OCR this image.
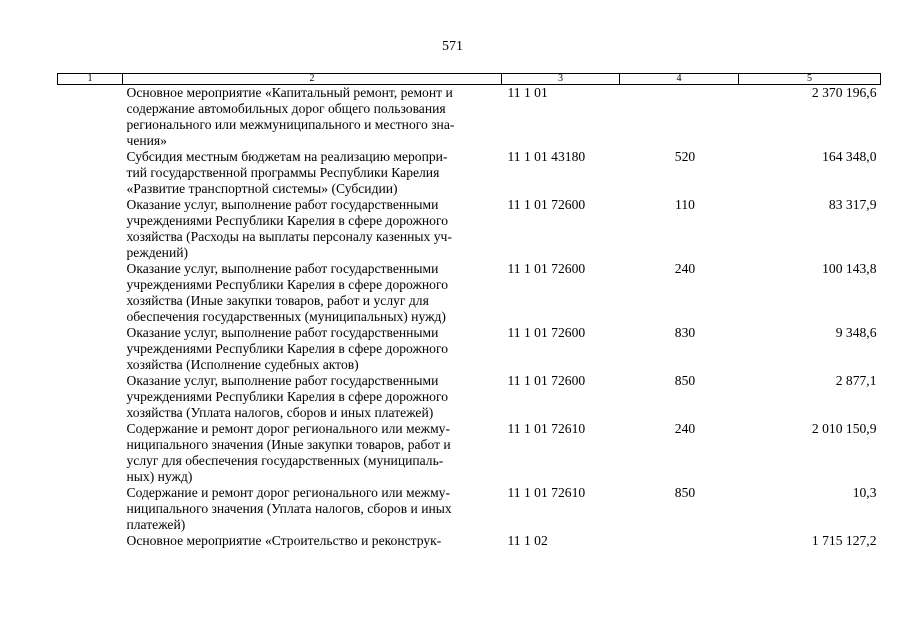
571
1	2	3	4	5

	Основное мероприятие «Капитальный ремонт, ремонт и
содержание автомобильных дорог общего пользования
регионального или межмуниципального и местного зна-
чения»	11 1 01		2 370 196,6

	Субсидия местным бюджетам на реализацию меропри-
тий государственной программы Республики Карелия
«Развитие транспортной системы» (Субсидии)	11 1 01 43180	520	164 348,0

	Оказание услуг, выполнение работ государственными
учреждениями Республики Карелия в сфере дорожного
хозяйства (Расходы на выплаты персоналу казенных уч-
реждений)	11 1 01 72600	110	83 317,9

	Оказание услуг, выполнение работ государственными
учреждениями Республики Карелия в сфере дорожного
хозяйства (Иные закупки товаров, работ и услуг для
обеспечения государственных (муниципальных) нужд)	11 1 01 72600	240	100 143,8

	Оказание услуг, выполнение работ государственными
учреждениями Республики Карелия в сфере дорожного
хозяйства (Исполнение судебных актов)	11 1 01 72600	830	9 348,6

	Оказание услуг, выполнение работ государственными
учреждениями Республики Карелия в сфере дорожного
хозяйства (Уплата налогов, сборов и иных платежей)	11 1 01 72600	850	2 877,1

	Содержание и ремонт дорог регионального или межму-
ниципального значения (Иные закупки товаров, работ и
услуг для обеспечения государственных (муниципаль-
ных) нужд)	11 1 01 72610	240	2 010 150,9

	Содержание и ремонт дорог регионального или межму-
ниципального значения (Уплата налогов, сборов и иных
платежей)	11 1 01 72610	850	10,3

	Основное мероприятие «Строительство и реконструк-	11 1 02		1 715 127,2
